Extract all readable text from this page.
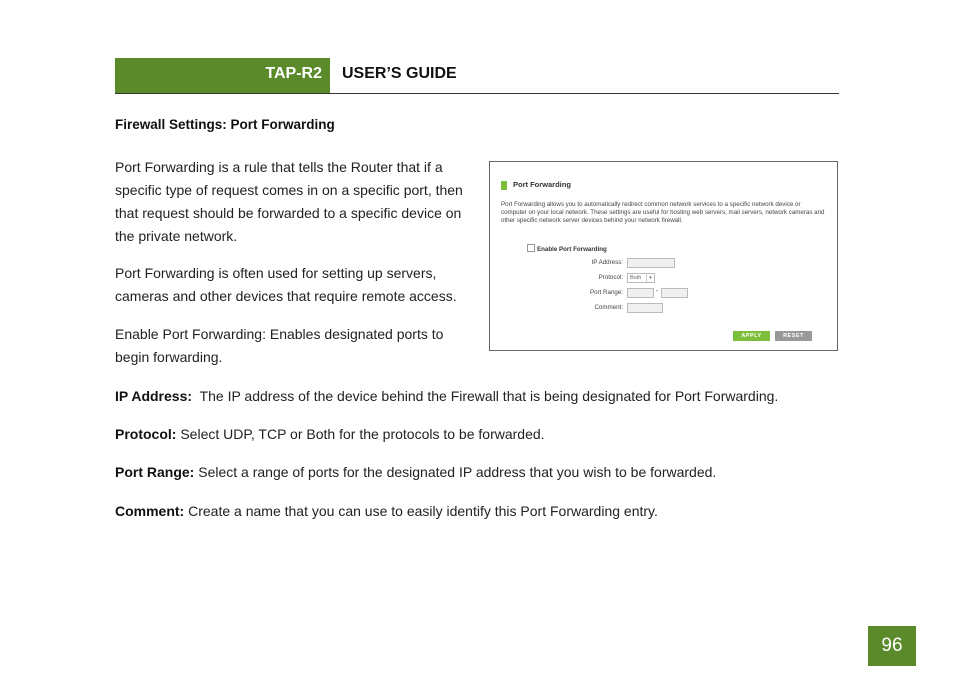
TAP-R2 USER’S GUIDE
Firewall Settings: Port Forwarding
Port Forwarding is a rule that tells the Router that if a specific type of request comes in on a specific port, then that request should be forwarded to a specific device on the private network.
Port Forwarding is often used for setting up servers, cameras and other devices that require remote access.
Enable Port Forwarding: Enables designated ports to begin forwarding.
Port Forwarding
Port Forwarding allows you to automatically redirect common network services to a specific network device or computer on your local network. These settings are useful for hosting web servers, mail servers, network cameras and other specific network server devices behind your network firewall.
Enable Port Forwarding
IP Address:
Protocol:	Both	▾
Port Range:	-
Comment:
APPLY	RESET
IP Address:  The IP address of the device behind the Firewall that is being designated for Port Forwarding.
Protocol: Select UDP, TCP or Both for the protocols to be forwarded.
Port Range: Select a range of ports for the designated IP address that you wish to be forwarded.
Comment: Create a name that you can use to easily identify this Port Forwarding entry.
96
